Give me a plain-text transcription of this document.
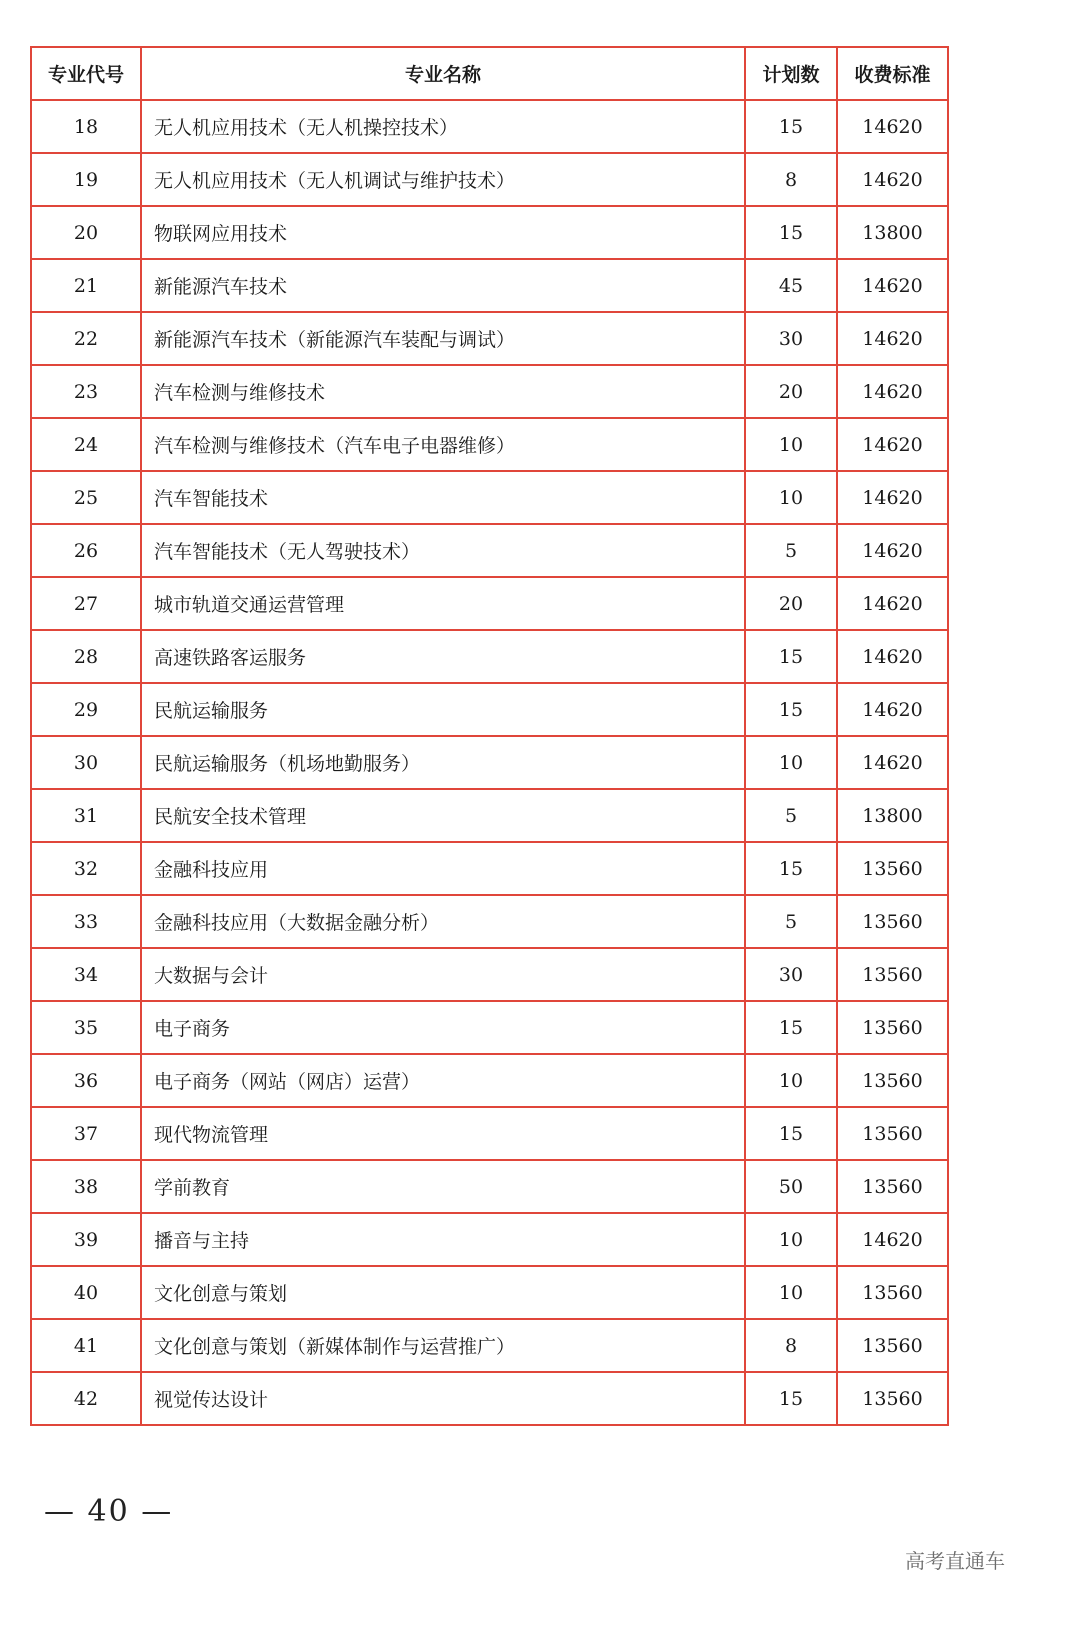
专业代号	专业名称	计划数	收费标准
18	无人机应用技术（无人机操控技术）	15	14620
19	无人机应用技术（无人机调试与维护技术）	8	14620
20	物联网应用技术	15	13800
21	新能源汽车技术	45	14620
22	新能源汽车技术（新能源汽车装配与调试）	30	14620
23	汽车检测与维修技术	20	14620
24	汽车检测与维修技术（汽车电子电器维修）	10	14620
25	汽车智能技术	10	14620
26	汽车智能技术（无人驾驶技术）	5	14620
27	城市轨道交通运营管理	20	14620
28	高速铁路客运服务	15	14620
29	民航运输服务	15	14620
30	民航运输服务（机场地勤服务）	10	14620
31	民航安全技术管理	5	13800
32	金融科技应用	15	13560
33	金融科技应用（大数据金融分析）	5	13560
34	大数据与会计	30	13560
35	电子商务	15	13560
36	电子商务（网站（网店）运营）	10	13560
37	现代物流管理	15	13560
38	学前教育	50	13560
39	播音与主持	10	14620
40	文化创意与策划	10	13560
41	文化创意与策划（新媒体制作与运营推广）	8	13560
42	视觉传达设计	15	13560
— 40 —
高考直通车
